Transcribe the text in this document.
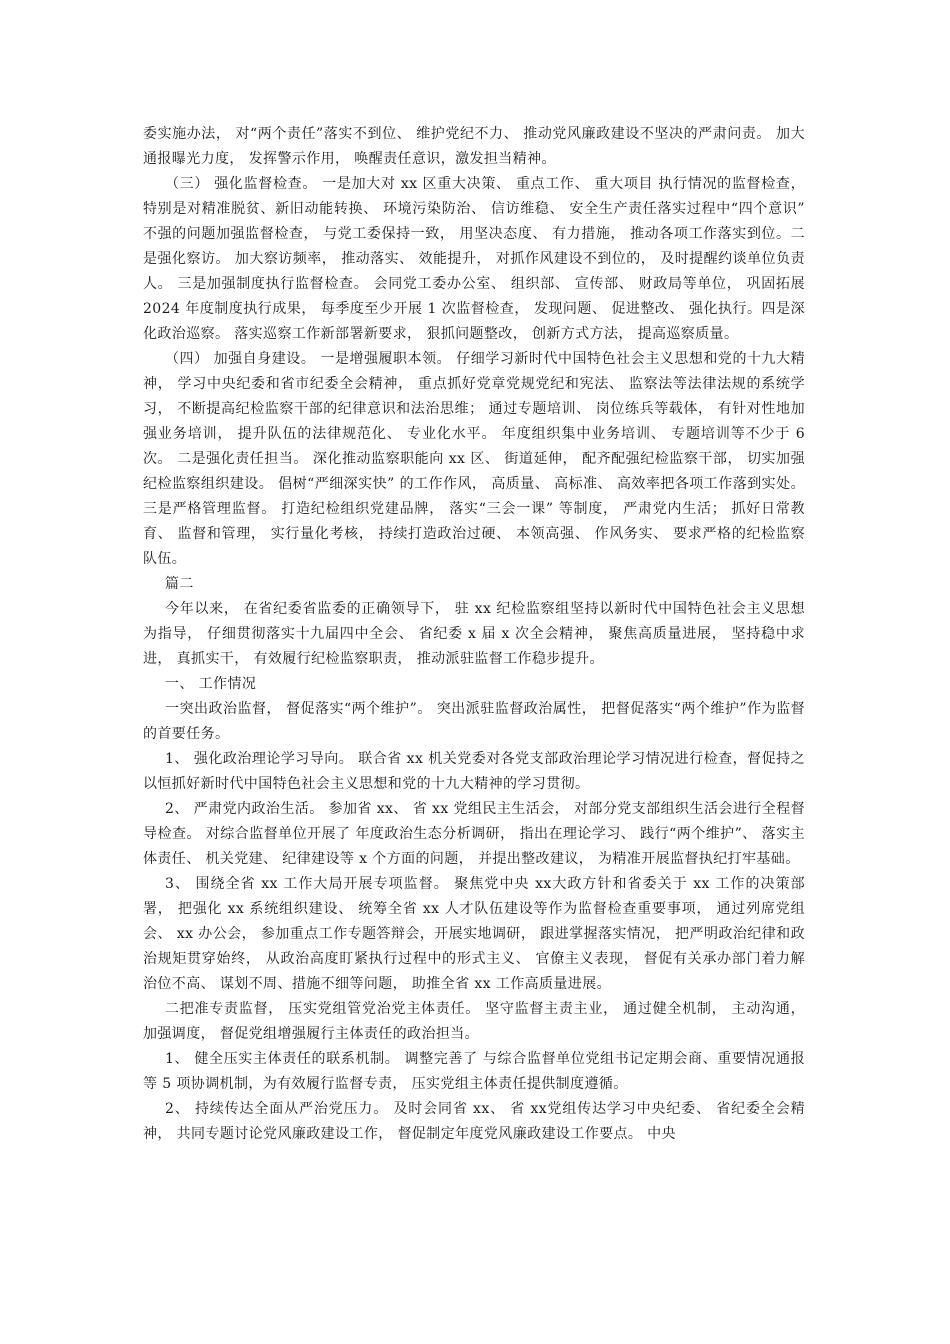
委实施办法， 对“两个责任”落实不到位、 维护党纪不力、 推动党风廉政建设不坚决的严肃问责。 加大通报曝光力度， 发挥警示作用， 唤醒责任意识，激发担当精神。

（三） 强化监督检查。 一是加大对 xx 区重大决策、 重点工作、 重大项目 执行情况的监督检查， 特别是对精准脱贫、新旧动能转换、 环境污染防治、 信访维稳、 安全生产责任落实过程中“四个意识” 不强的问题加强监督检查， 与党工委保持一致， 用坚决态度、 有力措施， 推动各项工作落实到位。二是强化察访。 加大察访频率， 推动落实、 效能提升， 对抓作风建设不到位的， 及时提醒约谈单位负责人。 三是加强制度执行监督检查。 会同党工委办公室、 组织部、 宣传部、 财政局等单位， 巩固拓展 2024 年度制度执行成果， 每季度至少开展 1 次监督检查， 发现问题、 促进整改、 强化执行。四是深化政治巡察。 落实巡察工作新部署新要求， 狠抓问题整改， 创新方式方法， 提高巡察质量。

（四） 加强自身建设。 一是增强履职本领。 仔细学习新时代中国特色社会主义思想和党的十九大精神， 学习中央纪委和省市纪委全会精神， 重点抓好党章党规党纪和宪法、 监察法等法律法规的系统学习， 不断提高纪检监察干部的纪律意识和法治思维； 通过专题培训、 岗位练兵等载体， 有针对性地加强业务培训， 提升队伍的法律规范化、 专业化水平。 年度组织集中业务培训、 专题培训等不少于 6 次。 二是强化责任担当。 深化推动监察职能向 xx 区、 街道延伸， 配齐配强纪检监察干部， 切实加强纪检监察组织建设。 倡树“严细深实快” 的工作作风， 高质量、 高标准、 高效率把各项工作落到实处。 三是严格管理监督。 打造纪检组织党建品牌， 落实“三会一课” 等制度， 严肃党内生活； 抓好日常教育、 监督和管理， 实行量化考核， 持续打造政治过硬、 本领高强、 作风务实、 要求严格的纪检监察队伍。

篇二

今年以来， 在省纪委省监委的正确领导下， 驻 xx 纪检监察组坚持以新时代中国特色社会主义思想为指导， 仔细贯彻落实十九届四中全会、 省纪委 x 届 x 次全会精神， 聚焦高质量进展， 坚持稳中求进， 真抓实干， 有效履行纪检监察职责， 推动派驻监督工作稳步提升。

一、 工作情况

一突出政治监督， 督促落实“两个维护”。 突出派驻监督政治属性， 把督促落实“两个维护”作为监督的首要任务。

1、 强化政治理论学习导向。 联合省 xx 机关党委对各党支部政治理论学习情况进行检查，督促持之以恒抓好新时代中国特色社会主义思想和党的十九大精神的学习贯彻。

2、 严肃党内政治生活。 参加省 xx、 省 xx 党组民主生活会， 对部分党支部组织生活会进行全程督导检查。 对综合监督单位开展了 年度政治生态分析调研， 指出在理论学习、 践行“两个维护”、 落实主体责任、 机关党建、 纪律建设等 x 个方面的问题， 并提出整改建议， 为精准开展监督执纪打牢基础。

3、 围绕全省 xx 工作大局开展专项监督。 聚焦党中央 xx大政方针和省委关于 xx 工作的决策部署， 把强化 xx 系统组织建设、 统筹全省 xx 人才队伍建设等作为监督检查重要事项， 通过列席党组会、 xx 办公会， 参加重点工作专题答辩会，开展实地调研， 跟进掌握落实情况， 把严明政治纪律和政治规矩贯穿始终， 从政治高度盯紧执行过程中的形式主义、 官僚主义表现， 督促有关承办部门着力解治位不高、 谋划不周、措施不细等问题， 助推全省 xx 工作高质量进展。

二把准专责监督， 压实党组管党治党主体责任。 坚守监督主责主业， 通过健全机制， 主动沟通， 加强调度， 督促党组增强履行主体责任的政治担当。

1、 健全压实主体责任的联系机制。 调整完善了 与综合监督单位党组书记定期会商、重要情况通报等 5 项协调机制，为有效履行监督专责， 压实党组主体责任提供制度遵循。

2、 持续传达全面从严治党压力。 及时会同省 xx、 省 xx党组传达学习中央纪委、 省纪委全会精神， 共同专题讨论党风廉政建设工作， 督促制定年度党风廉政建设工作要点。 中央
